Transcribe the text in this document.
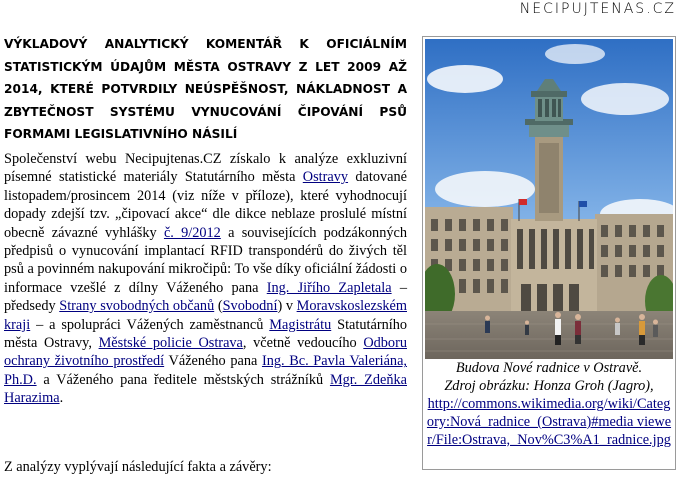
NECIPUJTENAS.CZ
VÝKLADOVÝ ANALYTICKÝ KOMENTÁŘ K OFICIÁLNÍM STATISTICKÝM ÚDAJŮM MĚSTA OSTRAVY Z LET 2009 AŽ 2014, KTERÉ POTVRDILY NEÚSPĚŠNOST, NÁKLADNOST A ZBYTEČNOST SYSTÉMU VYNUCOVÁNÍ ČIPOVÁNÍ PSŮ FORMAMI LEGISLATIVNÍHO NÁSILÍ
Společenství webu Necipujtenas.CZ získalo k analýze exkluzivní písemné statistické materiály Statutárního města Ostravy datované listopadem/prosincem 2014 (viz níže v příloze), které vyhodnocují dopady zdejší tzv. „čipovací akce“ dle dikce neblaze proslulé místní obecně závazné vyhlášky č. 9/2012 a souvisejících podzákonných předpisů o vynucování implantací RFID transpondérů do živých těl psů a povinném nakupování mikročipů: To vše díky oficiální žádosti o informace vzešlé z dílny Váženého pana Ing. Jiřího Zapletala – předsedy Strany svobodných občanů (Svobodní) v Moravskoslezském kraji – a spolupráci Vážených zaměstnanců Magistrátu Statutárního města Ostravy, Městské policie Ostrava, včetně vedoucího Odboru ochrany životního prostředí Váženého pana Ing. Bc. Pavla Valeriána, Ph.D. a Váženého pana ředitele městských strážníků Mgr. Zdeňka Harazima.
Z analýzy vyplývají následující fakta a závěry:
Budova Nové radnice v Ostravě.
Zdroj obrázku: Honza Groh (Jagro),
http://commons.wikimedia.org/wiki/Category:Nová_radnice_(Ostrava)#media viewer/File:Ostrava,_Nov%C3%A1_radnice.jpg
